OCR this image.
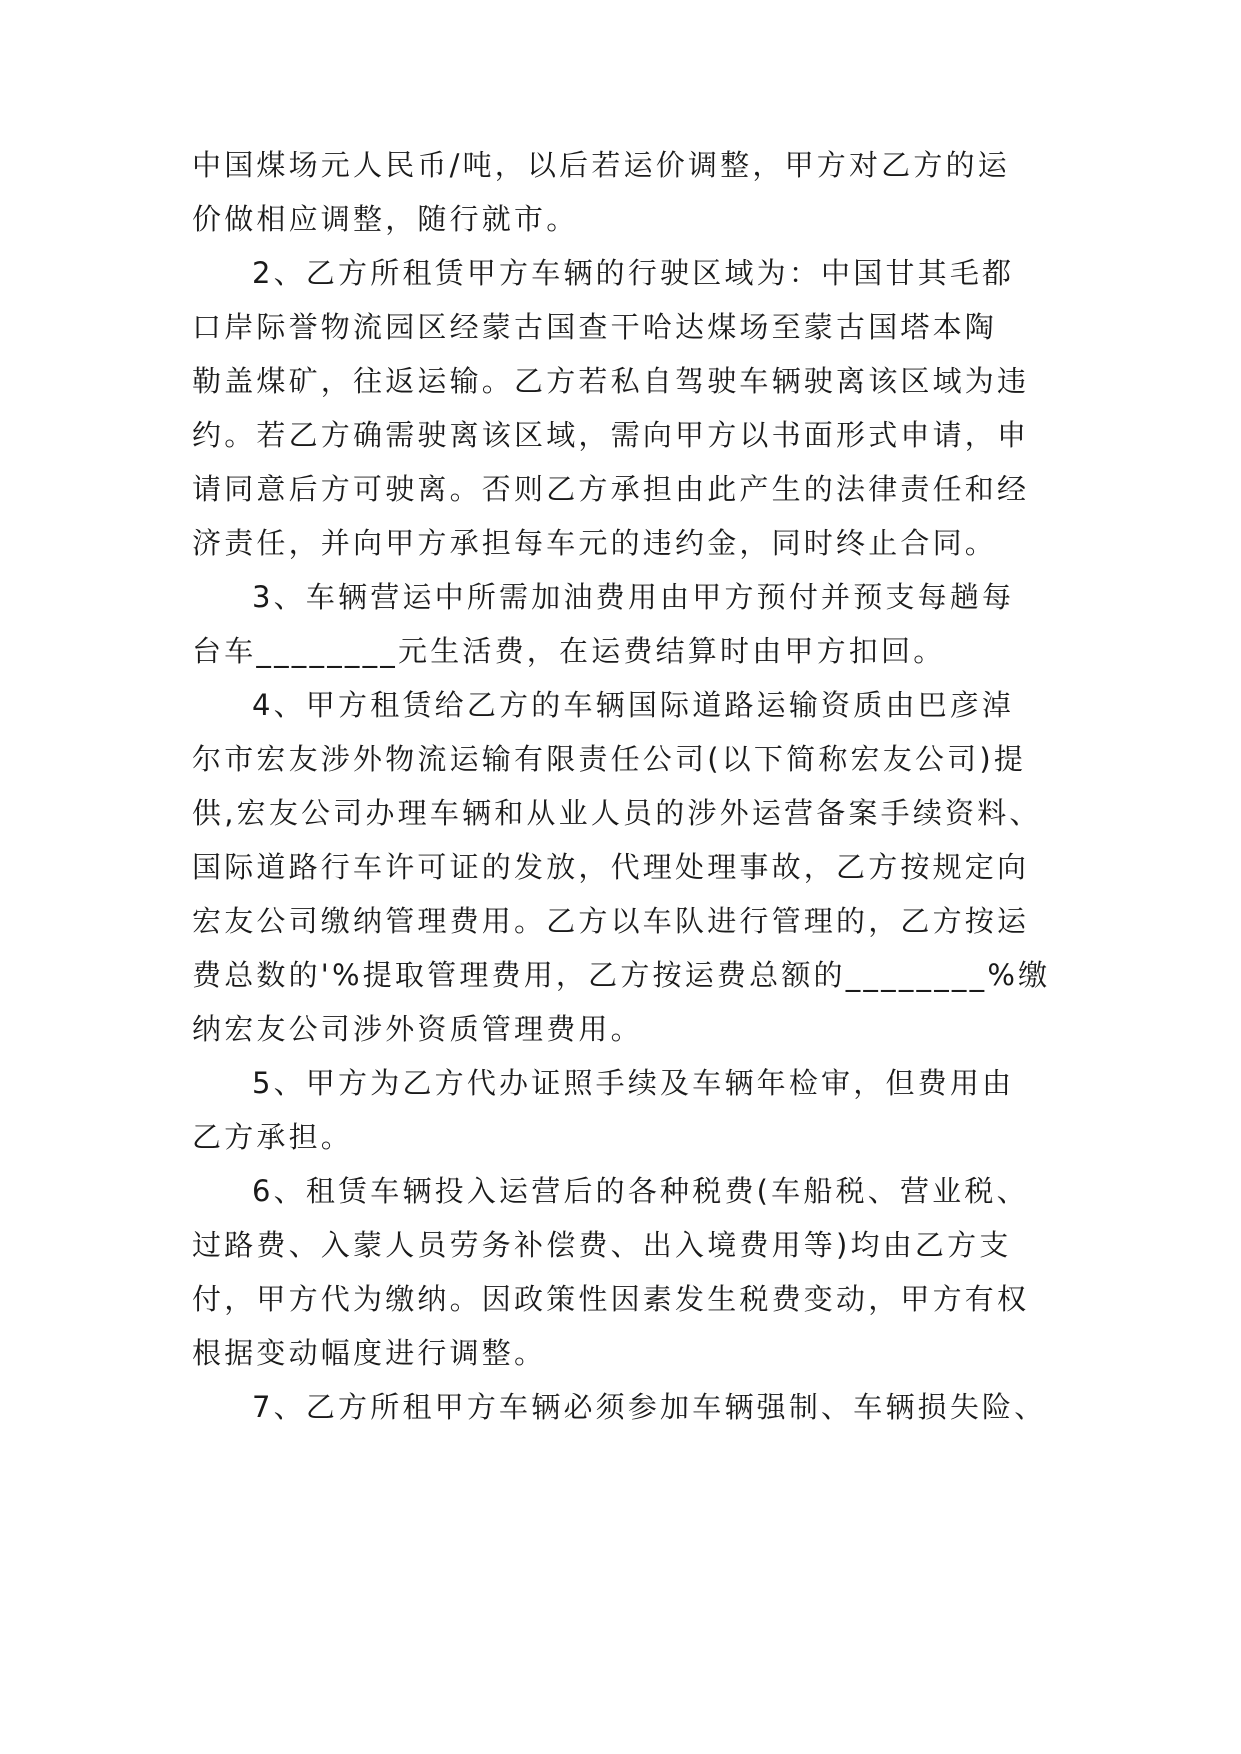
中国煤场元人民币/吨，以后若运价调整，甲方对乙方的运
价做相应调整，随行就市。
2、乙方所租赁甲方车辆的行驶区域为：中国甘其毛都
口岸际誉物流园区经蒙古国查干哈达煤场至蒙古国塔本陶
勒盖煤矿，往返运输。乙方若私自驾驶车辆驶离该区域为违
约。若乙方确需驶离该区域，需向甲方以书面形式申请，申
请同意后方可驶离。否则乙方承担由此产生的法律责任和经
济责任，并向甲方承担每车元的违约金，同时终止合同。
3、车辆营运中所需加油费用由甲方预付并预支每趟每
台车________元生活费，在运费结算时由甲方扣回。
4、甲方租赁给乙方的车辆国际道路运输资质由巴彦淖
尔市宏友涉外物流运输有限责任公司(以下简称宏友公司)提
供,宏友公司办理车辆和从业人员的涉外运营备案手续资料、
国际道路行车许可证的发放，代理处理事故，乙方按规定向
宏友公司缴纳管理费用。乙方以车队进行管理的，乙方按运
费总数的'%提取管理费用，乙方按运费总额的________%缴
纳宏友公司涉外资质管理费用。
5、甲方为乙方代办证照手续及车辆年检审，但费用由
乙方承担。
6、租赁车辆投入运营后的各种税费(车船税、营业税、
过路费、入蒙人员劳务补偿费、出入境费用等)均由乙方支
付，甲方代为缴纳。因政策性因素发生税费变动，甲方有权
根据变动幅度进行调整。
7、乙方所租甲方车辆必须参加车辆强制、车辆损失险、
